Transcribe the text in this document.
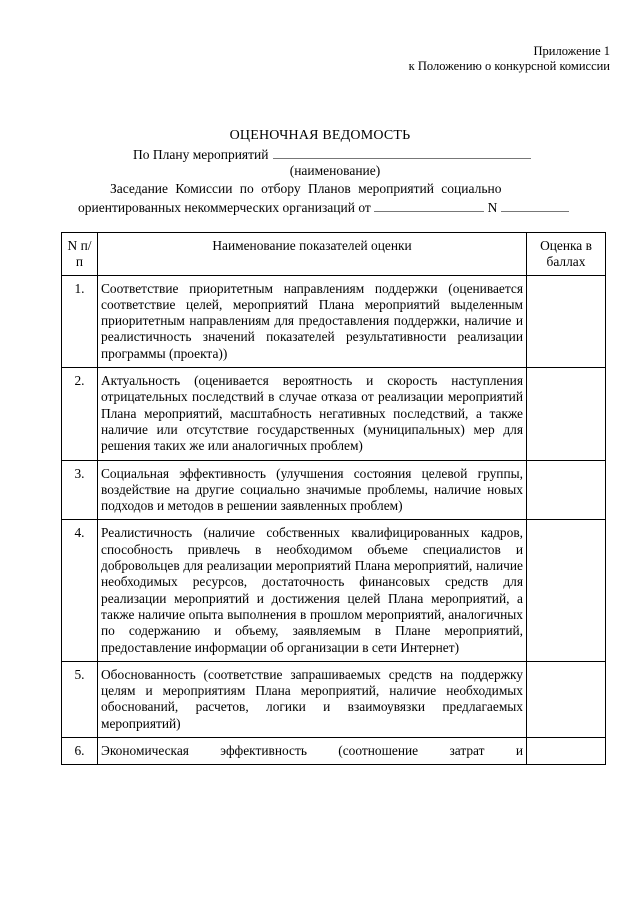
Приложение 1
к Положению о конкурсной комиссии
ОЦЕНОЧНАЯ ВЕДОМОСТЬ
По Плану мероприятий
(наименование)
Заседание Комиссии по отбору Планов мероприятий социально
ориентированных некоммерческих организаций от	N
N п/п	Наименование показателей оценки	Оценка в баллах
1.	Соответствие приоритетным направлениям поддержки (оценивается соответствие целей, мероприятий Плана мероприятий выделенным приоритетным направлениям для предоставления поддержки, наличие и реалистичность значений показателей результативности реализации программы (проекта))	
2.	Актуальность (оценивается вероятность и скорость наступления отрицательных последствий в случае отказа от реализации мероприятий Плана мероприятий, масштабность негативных последствий, а также наличие или отсутствие государственных (муниципальных) мер для решения таких же или аналогичных проблем)	
3.	Социальная эффективность (улучшения состояния целевой группы, воздействие на другие социально значимые проблемы, наличие новых подходов и методов в решении заявленных проблем)	
4.	Реалистичность (наличие собственных квалифицированных кадров, способность привлечь в необходимом объеме специалистов и добровольцев для реализации мероприятий Плана мероприятий, наличие необходимых ресурсов, достаточность финансовых средств для реализации мероприятий и достижения целей Плана мероприятий, а также наличие опыта выполнения в прошлом мероприятий, аналогичных по содержанию и объему, заявляемым в Плане мероприятий, предоставление информации об организации в сети Интернет)	
5.	Обоснованность (соответствие запрашиваемых средств на поддержку целям и мероприятиям Плана мероприятий, наличие необходимых обоснований, расчетов, логики и взаимоувязки предлагаемых мероприятий)	
6.	Экономическая эффективность (соотношение затрат и	
